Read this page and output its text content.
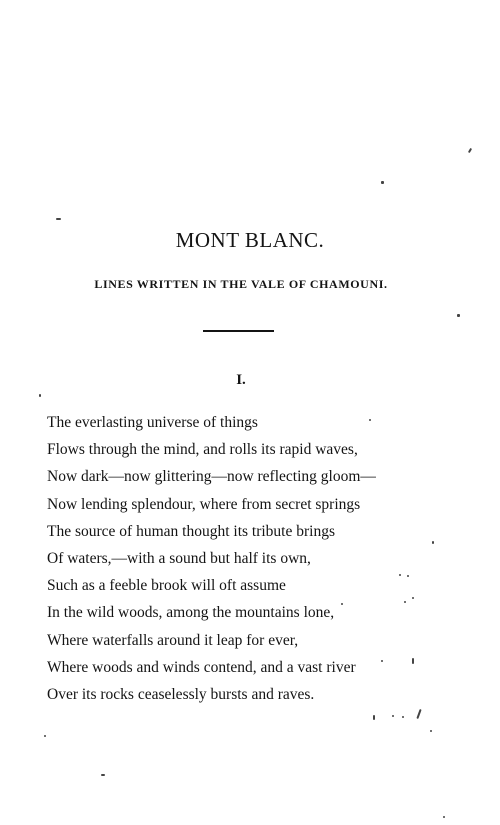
MONT BLANC.
LINES WRITTEN IN THE VALE OF CHAMOUNI.
I.
The everlasting universe of things
Flows through the mind, and rolls its rapid waves,
Now dark—now glittering—now reflecting gloom—
Now lending splendour, where from secret springs
The source of human thought its tribute brings
Of waters,—with a sound but half its own,
Such as a feeble brook will oft assume
In the wild woods, among the mountains lone,
Where waterfalls around it leap for ever,
Where woods and winds contend, and a vast river
Over its rocks ceaselessly bursts and raves.
